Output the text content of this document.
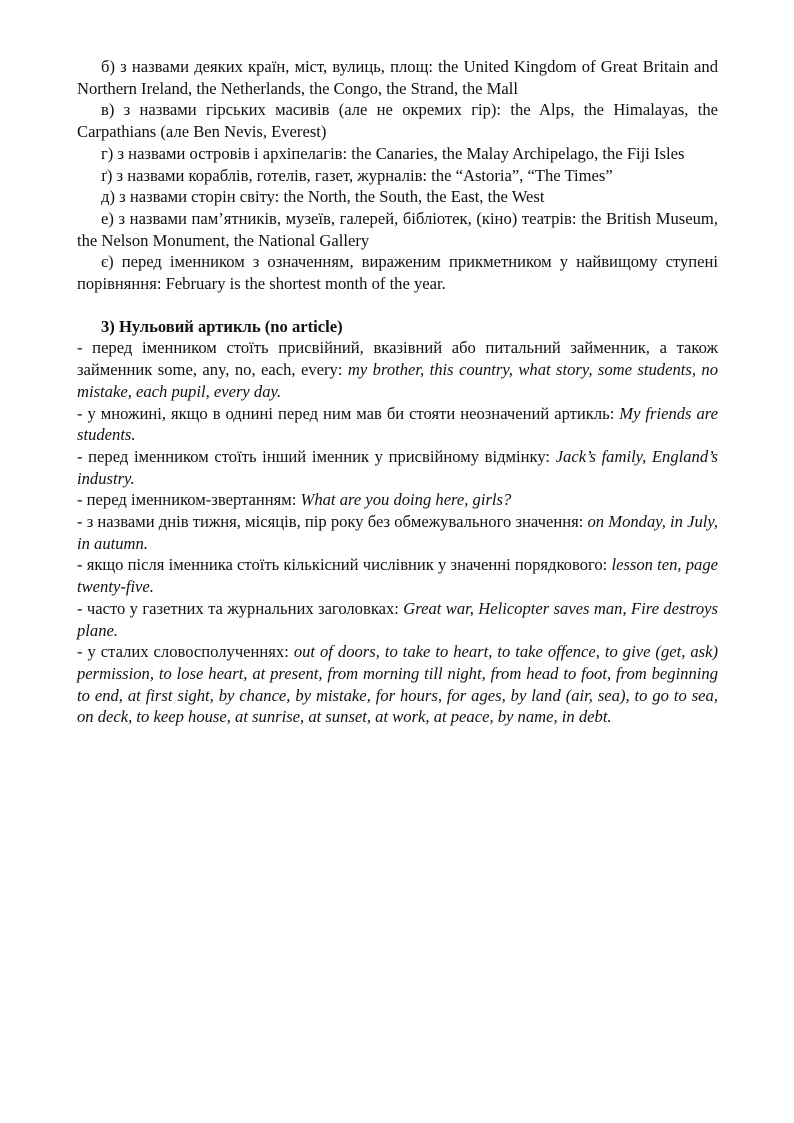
б) з назвами деяких країн, міст, вулиць, площ: the United Kingdom of Great Britain and Northern Ireland, the Netherlands, the Congo, the Strand, the Mall

в) з назвами гірських масивів (але не окремих гір): the Alps, the Himalayas, the Carpathians (але Ben Nevis, Everest)

г) з назвами островів і архіпелагів: the Canaries, the Malay Archipelago, the Fiji Isles

ґ) з назвами кораблів, готелів, газет, журналів: the “Astoria”, “The Times”

д) з назвами сторін світу: the North, the South, the East, the West

е) з назвами пам’ятників, музеїв, галерей, бібліотек, (кіно) театрів: the British Museum, the Nelson Monument, the National Gallery

є) перед іменником з означенням, вираженим прикметником у найвищому ступені порівняння: February is the shortest month of the year.

3) Нульовий артикль (no article)

- перед іменником стоїть присвійний, вказівний або питальний займенник, а також займенник some, any, no, each, every: my brother, this country, what story, some students, no mistake, each pupil, every day.

- у множині, якщо в однині перед ним мав би стояти неозначений артикль: My friends are students.

- перед іменником стоїть інший іменник у присвійному відмінку: Jack’s family, England’s industry.

- перед іменником-звертанням: What are you doing here, girls?

- з назвами днів тижня, місяців, пір року без обмежувального значення: on Monday, in July, in autumn.

- якщо після іменника стоїть кількісний числівник у значенні порядкового: lesson ten, page twenty-five.

- часто у газетних та журнальних заголовках: Great war, Helicopter saves man, Fire destroys plane.

- у сталих словосполученнях: out of doors, to take to heart, to take offence, to give (get, ask) permission, to lose heart, at present, from morning till night, from head to foot, from beginning to end, at first sight, by chance, by mistake, for hours, for ages, by land (air, sea), to go to sea, on deck, to keep house, at sunrise, at sunset, at work, at peace, by name, in debt.
